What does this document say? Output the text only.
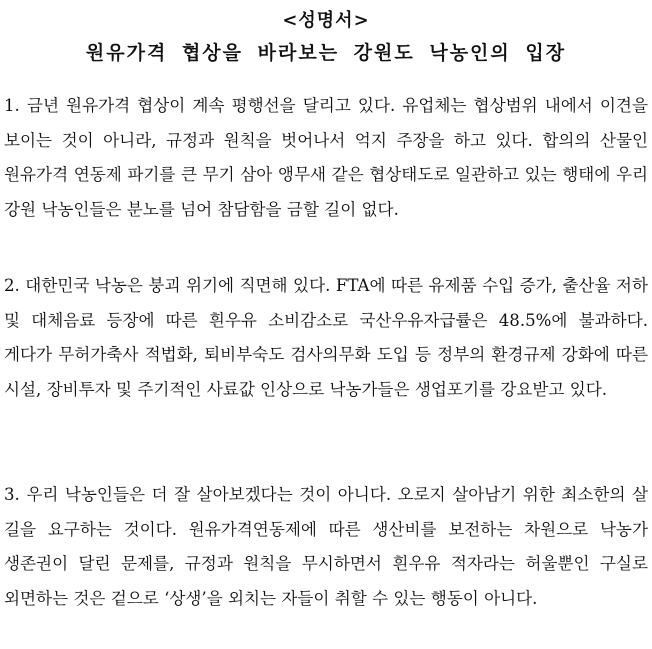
<성명서>
원유가격 협상을 바라보는 강원도 낙농인의 입장

1. 금년 원유가격 협상이 계속 평행선을 달리고 있다. 유업체는 협상범위 내에서 이견을 보이는 것이 아니라, 규정과 원칙을 벗어나서 억지 주장을 하고 있다. 합의의 산물인 원유가격 연동제 파기를 큰 무기 삼아 앵무새 같은 협상태도로 일관하고 있는 행태에 우리 강원 낙농인들은 분노를 넘어 참담함을 금할 길이 없다.

2. 대한민국 낙농은 붕괴 위기에 직면해 있다. FTA에 따른 유제품 수입 증가, 출산율 저하 및 대체음료 등장에 따른 흰우유 소비감소로 국산우유자급률은 48.5%에 불과하다. 게다가 무허가축사 적법화, 퇴비부숙도 검사의무화 도입 등 정부의 환경규제 강화에 따른 시설, 장비투자 및 주기적인 사료값 인상으로 낙농가들은 생업포기를 강요받고 있다.

3. 우리 낙농인들은 더 잘 살아보겠다는 것이 아니다. 오로지 살아남기 위한 최소한의 살 길을 요구하는 것이다. 원유가격연동제에 따른 생산비를 보전하는 차원으로 낙농가 생존권이 달린 문제를, 규정과 원칙을 무시하면서 흰우유 적자라는 허울뿐인 구실로 외면하는 것은 겉으로 ‘상생’을 외치는 자들이 취할 수 있는 행동이 아니다.
